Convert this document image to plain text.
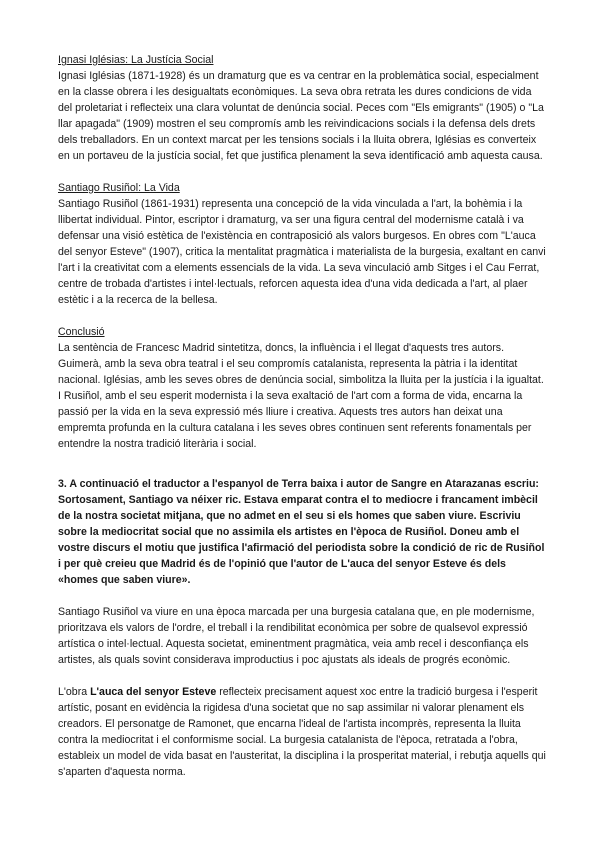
Ignasi Iglésias: La Justícia Social

Ignasi Iglésias (1871-1928) és un dramaturg que es va centrar en la problemàtica social, especialment en la classe obrera i les desigualtats econòmiques. La seva obra retrata les dures condicions de vida del proletariat i reflecteix una clara voluntat de denúncia social. Peces com "Els emigrants" (1905) o "La llar apagada" (1909) mostren el seu compromís amb les reivindicacions socials i la defensa dels drets dels treballadors. En un context marcat per les tensions socials i la lluita obrera, Iglésias es converteix en un portaveu de la justícia social, fet que justifica plenament la seva identificació amb aquesta causa.

Santiago Rusiñol: La Vida

Santiago Rusiñol (1861-1931) representa una concepció de la vida vinculada a l'art, la bohèmia i la llibertat individual. Pintor, escriptor i dramaturg, va ser una figura central del modernisme català i va defensar una visió estètica de l'existència en contraposició als valors burgesos. En obres com "L'auca del senyor Esteve" (1907), critica la mentalitat pragmàtica i materialista de la burgesia, exaltant en canvi l'art i la creativitat com a elements essencials de la vida. La seva vinculació amb Sitges i el Cau Ferrat, centre de trobada d'artistes i intel·lectuals, reforcen aquesta idea d'una vida dedicada a l'art, al plaer estètic i a la recerca de la bellesa.

Conclusió

La sentència de Francesc Madrid sintetitza, doncs, la influència i el llegat d'aquests tres autors. Guimerà, amb la seva obra teatral i el seu compromís catalanista, representa la pàtria i la identitat nacional. Iglésias, amb les seves obres de denúncia social, simbolitza la lluita per la justícia i la igualtat. I Rusiñol, amb el seu esperit modernista i la seva exaltació de l'art com a forma de vida, encarna la passió per la vida en la seva expressió més lliure i creativa. Aquests tres autors han deixat una empremta profunda en la cultura catalana i les seves obres continuen sent referents fonamentals per entendre la nostra tradició literària i social.

3. A continuació el traductor a l'espanyol de Terra baixa i autor de Sangre en Atarazanas escriu:

Sortosament, Santiago va néixer ric. Estava emparat contra el to mediocre i francament imbècil de la nostra societat mitjana, que no admet en el seu si els homes que saben viure. Escriviu sobre la mediocritat social que no assimila els artistes en l'època de Rusiñol. Doneu amb el vostre discurs el motiu que justifica l'afirmació del periodista sobre la condició de ric de Rusiñol i per què creieu que Madrid és de l'opinió que l'autor de L'auca del senyor Esteve és dels «homes que saben viure».

Santiago Rusiñol va viure en una època marcada per una burgesia catalana que, en ple modernisme, prioritzava els valors de l'ordre, el treball i la rendibilitat econòmica per sobre de qualsevol expressió artística o intel·lectual. Aquesta societat, eminentment pragmàtica, veia amb recel i desconfiança els artistes, als quals sovint considerava improductius i poc ajustats als ideals de progrés econòmic.

L'obra L'auca del senyor Esteve reflecteix precisament aquest xoc entre la tradició burgesa i l'esperit artístic, posant en evidència la rigidesa d'una societat que no sap assimilar ni valorar plenament els creadors. El personatge de Ramonet, que encarna l'ideal de l'artista incomprès, representa la lluita contra la mediocritat i el conformisme social. La burgesia catalanista de l'època, retratada a l'obra, estableix un model de vida basat en l'austeritat, la disciplina i la prosperitat material, i rebutja aquells qui s'aparten d'aquesta norma.
